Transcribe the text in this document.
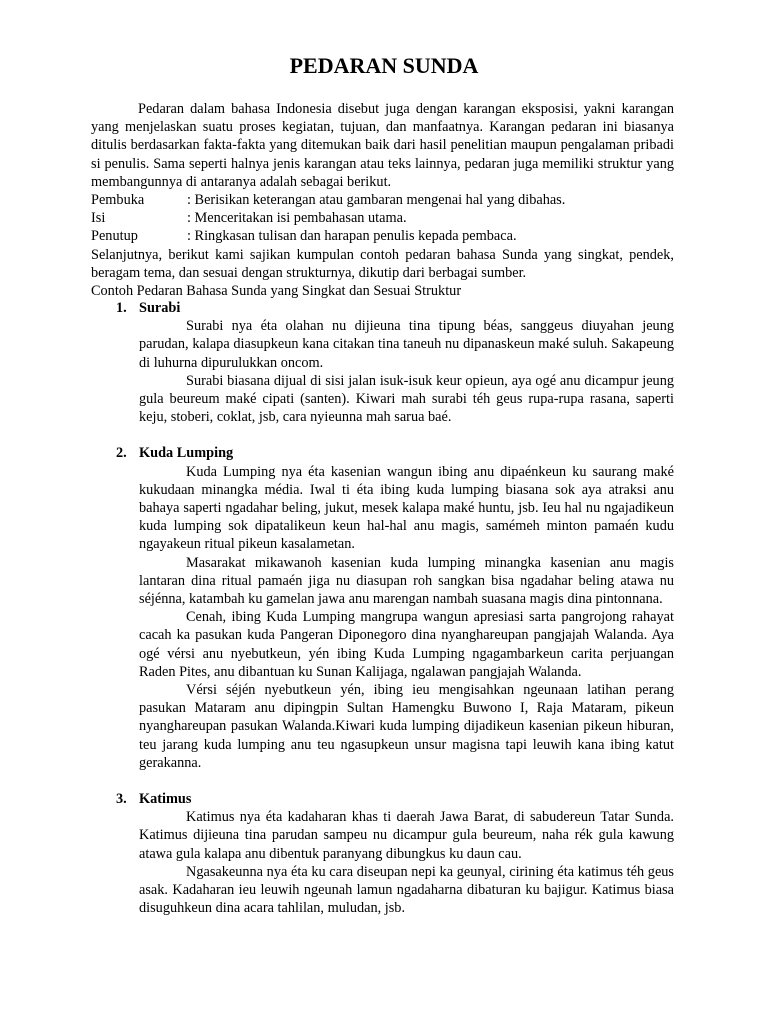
PEDARAN SUNDA

Pedaran dalam bahasa Indonesia disebut juga dengan karangan eksposisi, yakni karangan yang menjelaskan suatu proses kegiatan, tujuan, dan manfaatnya. Karangan pedaran ini biasanya ditulis berdasarkan fakta-fakta yang ditemukan baik dari hasil penelitian maupun pengalaman pribadi si penulis. Sama seperti halnya jenis karangan atau teks lainnya, pedaran juga memiliki struktur yang membangunnya di antaranya adalah sebagai berikut.

Pembuka	: Berisikan keterangan atau gambaran mengenai hal yang dibahas.
Isi	: Menceritakan isi pembahasan utama.
Penutup	: Ringkasan tulisan dan harapan penulis kepada pembaca.

Selanjutnya, berikut kami sajikan kumpulan contoh pedaran bahasa Sunda yang singkat, pendek, beragam tema, dan sesuai dengan strukturnya, dikutip dari berbagai sumber.

Contoh Pedaran Bahasa Sunda yang Singkat dan Sesuai Struktur

1. Surabi

Surabi nya éta olahan nu dijieuna tina tipung béas, sanggeus diuyahan jeung parudan, kalapa diasupkeun kana citakan tina taneuh nu dipanaskeun maké suluh. Sakapeung di luhurna dipurulukkan oncom.

Surabi biasana dijual di sisi jalan isuk-isuk keur opieun, aya ogé anu dicampur jeung gula beureum maké cipati (santen). Kiwari mah surabi téh geus rupa-rupa rasana, saperti keju, stoberi, coklat, jsb, cara nyieunna mah sarua baé.

2. Kuda Lumping

Kuda Lumping nya éta kasenian wangun ibing anu dipaénkeun ku saurang maké kukudaan minangka média. Iwal ti éta ibing kuda lumping biasana sok aya atraksi anu bahaya saperti ngadahar beling, jukut, mesek kalapa maké huntu, jsb. Ieu hal nu ngajadikeun kuda lumping sok dipatalikeun keun hal-hal anu magis, samémeh minton pamaén kudu ngayakeun ritual pikeun kasalametan.

Masarakat mikawanoh kasenian kuda lumping minangka kasenian anu magis lantaran dina ritual pamaén jiga nu diasupan roh sangkan bisa ngadahar beling atawa nu séjénna, katambah ku gamelan jawa anu marengan nambah suasana magis dina pintonnana.

Cenah, ibing Kuda Lumping mangrupa wangun apresiasi sarta pangrojong rahayat cacah ka pasukan kuda Pangeran Diponegoro dina nyanghareupan pangjajah Walanda. Aya ogé vérsi anu nyebutkeun, yén ibing Kuda Lumping ngagambarkeun carita perjuangan Raden Pites, anu dibantuan ku Sunan Kalijaga, ngalawan pangjajah Walanda.

Vérsi séjén nyebutkeun yén, ibing ieu mengisahkan ngeunaan latihan perang pasukan Mataram anu dipingpin Sultan Hamengku Buwono I, Raja Mataram, pikeun nyanghareupan pasukan Walanda.Kiwari kuda lumping dijadikeun kasenian pikeun hiburan, teu jarang kuda lumping anu teu ngasupkeun unsur magisna tapi leuwih kana ibing katut gerakanna.

3. Katimus

Katimus nya éta kadaharan khas ti daerah Jawa Barat, di sabudereun Tatar Sunda. Katimus dijieuna tina parudan sampeu nu dicampur gula beureum, naha rék gula kawung atawa gula kalapa anu dibentuk paranyang dibungkus ku daun cau.

Ngasakeunna nya éta ku cara diseupan nepi ka geunyal, cirining éta katimus téh geus asak. Kadaharan ieu leuwih ngeunah lamun ngadaharna dibaturan ku bajigur. Katimus biasa disuguhkeun dina acara tahlilan, muludan, jsb.
